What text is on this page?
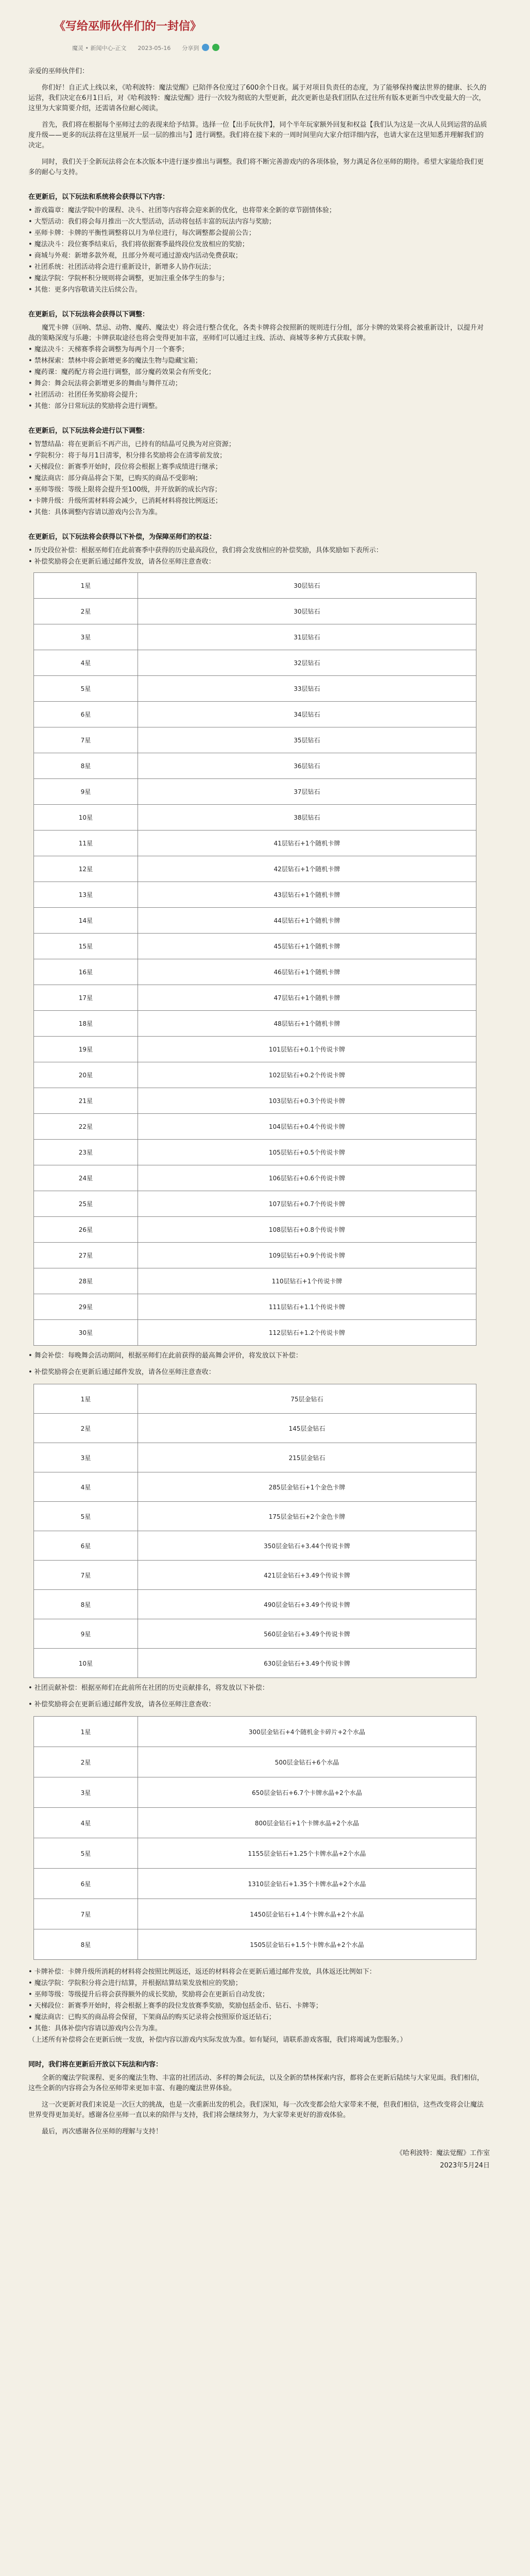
《写给巫师伙伴们的一封信》
魔灵 • 新闻中心-正文 2023-05-16 分享到

亲爱的巫师伙伴们：

你们好！自正式上线以来，《哈利波特：魔法觉醒》已陪伴各位度过了600余个日夜。属于对项目负责任的态度，为了能够保持魔法世界的健康、长久的运营，我们决定在6月1日后，对《哈利波特：魔法觉醒》进行一次较为彻底的大型更新，此次更新也是我们团队在过往所有版本更新当中改变最大的一次，这里为大家简要介绍，还需请各位耐心阅读。

首先，我们将在根据每个巫师过去的表现来给予结算。选择一位【出手玩伙伴】，同个半年玩家额外回复和权益【我们认为这是一次从人员到运营的品质度升级——更多的玩法将在这里展开一层一层的推出与】进行调整。我们将在接下来的一周时间里向大家介绍详细内容，也请大家在这里知悉并理解我们的决定。

同时，我们关于全新玩法将会在本次版本中进行逐步推出与调整。我们将不断完善游戏内的各项体验，努力满足各位巫师的期待。希望大家能给我们更多的耐心与支持。

在更新后，以下玩法和系统将会获得以下内容：
• 游戏篇章：魔法学院中的课程、决斗、社团等内容将会迎来新的优化，也将带来全新的章节剧情体验；
• 大型活动：我们将会每月推出一次大型活动，活动将包括丰富的玩法内容与奖励；
• 巫师卡牌：卡牌的平衡性调整将以月为单位进行，每次调整都会提前公告；
• 魔法决斗：段位赛季结束后，我们将依据赛季最终段位发放相应的奖励；
• 商城与外观：新增多款外观，且部分外观可通过游戏内活动免费获取；
• 社团系统：社团活动将会进行重新设计，新增多人协作玩法；
• 魔法学院：学院杯积分规则将会调整，更加注重全体学生的参与；
• 其他：更多内容敬请关注后续公告。
在更新后，以下玩法将会获得以下调整：
魔咒卡牌（回响、禁忌、动物、魔药、魔法史）将会进行整合优化，各类卡牌将会按照新的规则进行分组，部分卡牌的效果将会被重新设计，以提升对战的策略深度与乐趣；卡牌获取途径也将会变得更加丰富，巫师们可以通过主线、活动、商城等多种方式获取卡牌。
• 魔法决斗：天梯赛季将会调整为每两个月一个赛季；
• 禁林探索：禁林中将会新增更多的魔法生物与隐藏宝箱；
• 魔药课：魔药配方将会进行调整，部分魔药效果会有所变化；
• 舞会：舞会玩法将会新增更多的舞曲与舞伴互动；
• 社团活动：社团任务奖励将会提升；
• 其他：部分日常玩法的奖励将会进行调整。
在更新后，以下玩法将会进行以下调整：
• 智慧结晶：将在更新后不再产出，已持有的结晶可兑换为对应资源；
• 学院积分：将于每月1日清零，积分排名奖励将会在清零前发放；
• 天梯段位：新赛季开始时，段位将会根据上赛季成绩进行继承；
• 魔法商店：部分商品将会下架，已购买的商品不受影响；
• 巫师等级：等级上限将会提升至100级，并开放新的成长内容；
• 卡牌升级：升级所需材料将会减少，已消耗材料将按比例返还；
• 其他：具体调整内容请以游戏内公告为准。
在更新后，以下玩法将会获得以下补偿，为保障巫师们的权益：
• 历史段位补偿：根据巫师们在此前赛季中获得的历史最高段位，我们将会发放相应的补偿奖励，具体奖励如下表所示：
• 补偿奖励将会在更新后通过邮件发放，请各位巫师注意查收：
1星	30层钻石
2星	30层钻石
3星	31层钻石
4星	32层钻石
5星	33层钻石
6星	34层钻石
7星	35层钻石
8星	36层钻石
9星	37层钻石
10星	38层钻石
11星	41层钻石+1个随机卡牌
12星	42层钻石+1个随机卡牌
13星	43层钻石+1个随机卡牌
14星	44层钻石+1个随机卡牌
15星	45层钻石+1个随机卡牌
16星	46层钻石+1个随机卡牌
17星	47层钻石+1个随机卡牌
18星	48层钻石+1个随机卡牌
19星	101层钻石+0.1个传说卡牌
20星	102层钻石+0.2个传说卡牌
21星	103层钻石+0.3个传说卡牌
22星	104层钻石+0.4个传说卡牌
23星	105层钻石+0.5个传说卡牌
24星	106层钻石+0.6个传说卡牌
25星	107层钻石+0.7个传说卡牌
26星	108层钻石+0.8个传说卡牌
27星	109层钻石+0.9个传说卡牌
28星	110层钻石+1个传说卡牌
29星	111层钻石+1.1个传说卡牌
30星	112层钻石+1.2个传说卡牌

• 舞会补偿：每晚舞会活动期间，根据巫师们在此前获得的最高舞会评价，将发放以下补偿：

• 补偿奖励将会在更新后通过邮件发放，请各位巫师注意查收：

1星	75层金钻石
2星	145层金钻石
3星	215层金钻石
4星	285层金钻石+1个金色卡牌
5星	175层金钻石+2个金色卡牌
6星	350层金钻石+3.44个传说卡牌
7星	421层金钻石+3.49个传说卡牌
8星	490层金钻石+3.49个传说卡牌
9星	560层金钻石+3.49个传说卡牌
10星	630层金钻石+3.49个传说卡牌

• 社团贡献补偿：根据巫师们在此前所在社团的历史贡献排名，将发放以下补偿：

• 补偿奖励将会在更新后通过邮件发放，请各位巫师注意查收：

1星	300层金钻石+4个随机金卡碎片+2个水晶
2星	500层金钻石+6个水晶
3星	650层金钻石+6.7个卡牌水晶+2个水晶
4星	800层金钻石+1个卡牌水晶+2个水晶
5星	1155层金钻石+1.25个卡牌水晶+2个水晶
6星	1310层金钻石+1.35个卡牌水晶+2个水晶
7星	1450层金钻石+1.4个卡牌水晶+2个水晶
8星	1505层金钻石+1.5个卡牌水晶+2个水晶
• 卡牌补偿：卡牌升级所消耗的材料将会按照比例返还，返还的材料将会在更新后通过邮件发放，具体返还比例如下：
• 魔法学院：学院积分将会进行结算，并根据结算结果发放相应的奖励；
• 巫师等级：等级提升后将会获得额外的成长奖励，奖励将会在更新后自动发放；
• 天梯段位：新赛季开始时，将会根据上赛季的段位发放赛季奖励，奖励包括金币、钻石、卡牌等；
• 魔法商店：已购买的商品将会保留，下架商品的购买记录将会按照原价返还钻石；
• 其他：具体补偿内容请以游戏内公告为准。
（上述所有补偿将会在更新后统一发放，补偿内容以游戏内实际发放为准。如有疑问，请联系游戏客服，我们将竭诚为您服务。）
同时，我们将在更新后开放以下玩法和内容：

全新的魔法学院课程、更多的魔法生物、丰富的社团活动、多样的舞会玩法，以及全新的禁林探索内容，都将会在更新后陆续与大家见面。我们相信，这些全新的内容将会为各位巫师带来更加丰富、有趣的魔法世界体验。

这一次更新对我们来说是一次巨大的挑战，也是一次重新出发的机会。我们深知，每一次改变都会给大家带来不便，但我们相信，这些改变将会让魔法世界变得更加美好。感谢各位巫师一直以来的陪伴与支持，我们将会继续努力，为大家带来更好的游戏体验。

最后，再次感谢各位巫师的理解与支持！

《哈利波特：魔法觉醒》工作室
2023年5月24日
